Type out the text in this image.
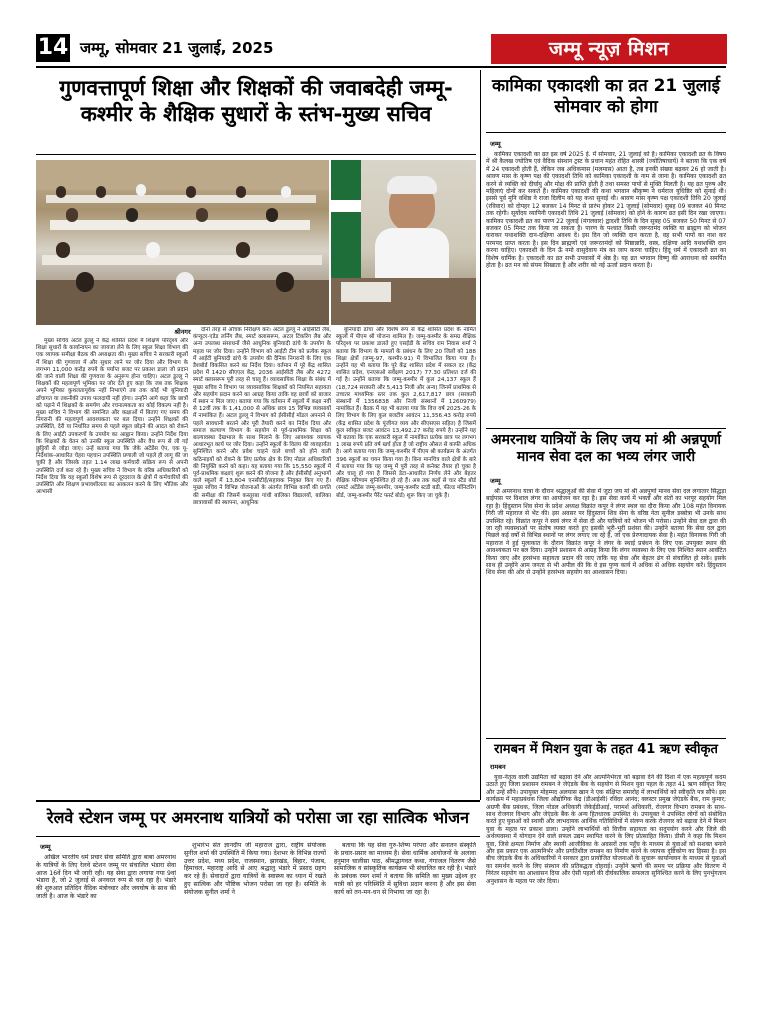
14 जम्मू, सोमवार 21 जुलाई, 2025	जम्मू न्यूज़ मिशन
गुणवत्तापूर्ण शिक्षा और शिक्षकों की जवाबदेही जम्मू-कश्मीर के शैक्षिक सुधारों के स्तंभ-मुख्य सचिव
श्रीनगर

मुख्य सचिव अटल डुल्लू ने केंद्र शासित प्रदेश में शिक्षण परिदृश्य और शिक्षा सुधारों के कार्यान्वयन का जायजा लेने के लिए स्कूल शिक्षा विभाग की एक व्यापक समीक्षा बैठक की अध्यक्षता की। मुख्य सचिव ने सरकारी स्कूलों में शिक्षा की गुणवत्ता में और सुधार लाने पर जोर दिया और विभाग के लगभग 11,000 करोड़ रुपये के पर्याप्त बजट पर प्रकाश डाला जो प्रदान की जाने वाली शिक्षा की गुणवत्ता के अनुरूप होना चाहिए। अटल डुल्लू ने शिक्षकों की महत्वपूर्ण भूमिका पर जोर देते हुए कहा कि जब तक शिक्षक अपने भूमिका कुशलतापूर्वक नहीं निभाएंगे तब तक कोई भी बुनियादी ढाँचागत या तकनीकी उपाय फलदायी नहीं होगा। उन्होंने आगे कहा कि छात्रों को पढ़ाने में शिक्षकों के समर्पण और रचनात्मकता का कोई विकल्प नहीं है। मुख्य सचिव ने विभाग की समन्वित और कक्षाओं में बिताए गए समय की निगरानी की महत्वपूर्ण आवश्यकता पर बल दिया। उन्होंने शिक्षकों की उपस्थिति, देरी या निर्धारित समय से पहले स्कूल छोड़ने की आदत को रोकने के लिए आईटी उपकरणों के उपयोग का आह्वान किया। उन्होंने निर्देश दिया कि शिक्षकों के वेतन को उनकी स्कूल उपस्थिति और वैध रूप से ली गई छुट्टियों से जोड़ा जाए। उन्हें बताया गया कि जेके अटेंडेंस ऐप, एक यू-निर्देशांक-आधारित चेहरा पहचान उपस्थिति प्रणाली जो पहले ही लागू की जा चुकी है और जिसके तहत 1.14 लाख कर्मचारी सक्रिय रूप से अपनी उपस्थिति दर्ज करा रहे हैं। मुख्य सचिव ने विभाग के वरिष्ठ अधिकारियों को निर्देश दिया कि वह स्कूलों विशेष रूप से दूरदराज के क्षेत्रों में कर्मचारियों की उपस्थिति और शिक्षण प्रभावशीलता का आकलन करने के लिए भौतिक और आभासी

दोनों तरह से औचक निरीक्षण करें। अटल डुल्लू ने आईसीटी लैब, कंप्यूटर-एडेड लर्निंग लैब, स्मार्ट क्लासरूम, अटल टिंकरिंग लैब और अन्य उपलब्ध संसाधनों जैसे आधुनिक बुनियादी ढांचे के उपयोग के महत्व पर जोर दिया। उन्होंने विभाग को आईटी टीम को प्रत्येक स्कूल में आईटी बुनियादी ढांचे के उपयोग की दैनिक निगरानी के लिए एक डैशबोर्ड विकसित करने का निर्देश दिया। वर्तमान में पूरे केंद्र शासित प्रदेश में 1420 सीएएल केंद्र, 2036 आईसीटी लैब और 4272 स्मार्ट क्लासरूम पूरी तरह से चालू हैं। व्यावसायिक शिक्षा के संबंध में मुख्य सचिव ने विभाग पर व्यावसायिक शिक्षकों को नियमित सहायता और सहयोग प्रदान करने का आग्रह किया ताकि वह छात्रों को बाजार में स्थान न मिल जाए। बताया गया कि वर्तमान में स्कूलों में कक्षा नवीं से 12वीं तक के 1,41,000 से अधिक छात्र 15 विभिन्न व्यवसायों में नामांकित हैं। अटल डुल्लू ने विभाग को ईसीसीई मॉडल अपनाने से पहले सावधानी बरतने और पूरी तैयारी करने का निर्देश दिया और समाज कल्याण विभाग के सहयोग से पूर्व-प्राथमिक शिक्षा को बाल्यावस्था देखभाल के साथ मिलाने के लिए आवश्यक व्यापक आधारभूत कार्य पर जोर दिया। उन्होंने स्कूलों के विलय की व्यवहार्यता सुनिश्चित करने और प्रवेश चाहने वाले बच्चों को होने वाली कठिनाइयों को रोकने के लिए प्रत्येक क्षेत्र के लिए नोडल अधिकारियों की नियुक्ति करने को कहा। यह बताया गया कि 15,550 स्कूलों में पूर्व-प्राथमिक कक्षाएं शुरू करने की योजना है और ईसीसीई अनुभागों वाले स्कूलों में 13,804 एनसीटीई/सहायक नियुक्त किए गए हैं। मुख्य सचिव ने विभिन्न योजनाओं के अंतर्गत विभिन्न कार्यों की प्रगति की समीक्षा की जिसमें कस्तूरबा गांधी बालिका विद्यालयों, बालिका छात्रावासों की स्थापना, आधुनिक

बुनियादी ढाँचा और विशेष रूप से केंद्र शासित प्रदेश के नामित स्कूलों में पीएम श्री योजना शामिल है। जम्मू-कश्मीर के समग्र शैक्षिक परिदृश्य पर प्रकाश डालते हुए एसईडी के सचिव राम निवास शर्मा ने बताया कि विभाग के मामलों के प्रबंधन के लिए 20 जिलों को 188 शिक्षा क्षेत्रों (जम्मू-97, कश्मीर-91) में विभाजित किया गया है। उन्होंने यह भी बताया कि पूरे केंद्र शासित प्रदेश में सकल दर (केंद्र शासित प्रदेश, एनएसओ सर्वेक्षण 2017) 77.30 प्रतिशत दर्ज की गई है। उन्होंने बताया कि जम्मू-कश्मीर में कुल 24,137 स्कूल हैं (18,724 सरकारी और 5,413 निजी और अन्य) जिनमें प्राथमिक से उच्चतर माध्यमिक स्तर तक कुल 2,617,817 छात्र (सरकारी संस्थानों में 1356838 और निजी संस्थानों में 1260979) नामांकित हैं। बैठक में यह भी बताया गया कि वित्त वर्ष 2025-26 के लिए विभाग के लिए कुल बजटीय आवंटन 11,356.43 करोड़ रुपये (केंद्र शासित प्रदेश के पूंजीगत व्यय और सीएसएस सहित) है जिसमें कुल स्वीकृत बजट आवंटन 13,492.27 करोड़ रुपये है। उन्होंने यह भी बताया कि एक सरकारी स्कूल में नामांकित प्रत्येक छात्र पर लगभग 1 लाख रुपये प्रति वर्ष खर्च होता है जो राष्ट्रीय औसत से काफी अधिक है। आगे बताया गया कि जम्मू-कश्मीर में पीएम श्री कार्यक्रम के अंतर्गत 396 स्कूलों का चयन किया गया है। बिना मानचित्र वाले क्षेत्रों के बारे में बताया गया कि यह जम्मू में पूरी तरह से कनेक्ट तैयार हो चुका है और चालू हो गया है जिससे डेटा-आधारित निर्णय लेने और बेहतर शैक्षिक परिणाम सुनिश्चित हो रहे हैं। अब तक कहाँ से चार स्टैंड बोर्ड (स्मार्ट अटेंडेंस जम्मू-कश्मीर, जम्मू-कश्मीर स्टडी बडी, फील्ड मॉनिटरिंग बोर्ड, जम्मू-कश्मीर पैरेंट फर्स्ट बोर्ड) शुरू किए जा चुके हैं।

कामिका एकादशी का व्रत 21 जुलाई सोमवार को होगा
जम्मू

कामिका एकादशी का व्रत इस वर्ष 2025 ई. में सोमवार, 21 जुलाई को है। कामिका एकादशी व्रत के विषय में श्री कैलख ज्योतिष एवं वैदिक संस्थान ट्रस्ट के प्रधान महंत रोहित शास्त्री (ज्योतिषाचार्य) ने बताया कि एक वर्ष में 24 एकादशी होती हैं, लेकिन जब अधिकमास (मलमास) आता है, तब इनकी संख्या बढ़कर 26 हो जाती है। श्रावण मास के कृष्ण पक्ष की एकादशी तिथि को कामिका एकादशी के नाम से जाना है। कामिका एकादशी व्रत करने से व्यक्ति को दीर्घायु और मोक्ष की प्राप्ति होती है तथा समस्त पापों से मुक्ति मिलती है। यह व्रत पुरुष और महिलाएं दोनों कर सकते हैं। कामिका एकादशी की कथा भगवान श्रीकृष्ण ने धर्मराज युधिष्ठिर को सुनाई थी। इससे पूर्व मुनि वशिष्ठ ने राजा दिलीप को यह कथा सुनाई थी। श्रावण मास कृष्ण पक्ष एकादशी तिथि 20 जुलाई (रविवार) को दोपहर 12 बजकर 14 मिनट से प्रारंभ होकर 21 जुलाई (सोमवार) सुबह 09 बजकर 40 मिनट तक रहेगी। सूर्योदय व्यापिनी एकादशी तिथि 21 जुलाई (सोमवार) को होने के कारण व्रत इसी दिन रखा जाएगा। कामिका एकादशी व्रत का पारण 22 जुलाई (मंगलवार) द्वादशी तिथि के दिन सुबह 05 बजकर 50 मिनट से 07 बजकर 05 मिनट तक किया जा सकता है। पारण के पश्चात किसी जरूरतमंद व्यक्ति या ब्राह्मण को भोजन कराकर यथाशक्ति दान-दक्षिणा अवश्य दें। इस दिन जो व्यक्ति दान करता है, वह सभी पापों का नाश कर परमपद प्राप्त करता है। इस दिन ब्राह्मणों एवं जरूरतमंदों को मिष्ठान्नादि, वस्त्र, दक्षिणा आदि यथाशक्ति दान करना चाहिए। एकादशी के दिन ऊँ नमो वासुदेवाय मंत्र का जाप करना चाहिए। हिंदू धर्म में एकादशी व्रत का विशेष धार्मिक है। एकादशी का व्रत सभी उपवासों में श्रेष्ठ है। यह व्रत भगवान विष्णु की आराधना को समर्पित होता है। व्रत मन को संयम सिखाता है और शरीर को नई ऊर्जा प्रदान करता है।

अमरनाथ यात्रियों के लिए जय मां श्री अन्नपूर्णा मानव सेवा दल का भव्य लंगर जारी
जम्मू

श्री अमरनाथ यात्रा के दौरान श्रद्धालुओं की सेवा में जुटा जय मां श्री अन्नपूर्णा मानव सेवा दल लगातार सिद्धड़ा बाईपास पर विशाल लंगर का आयोजन कर रहा है। इस सेवा कार्य में भक्तों और संतों का भरपूर सहयोग मिल रहा है। हिंदुस्तान शिव सेना के प्रदेश अध्यक्ष विक्रांत कपूर ने लंगर स्थल का दौरा किया और 108 महंत विनायक गिरी जी महाराज से भेंट की। इस अवसर पर हिंदुस्तान शिव सेना के वरिष्ठ नेता सुनील डब्बोत्रा भी उनके साथ उपस्थित रहे। विक्रांत कपूर ने स्वयं लंगर में सेवा दी और यात्रियों को भोजन भी परोसा। उन्होंने सेवा दल द्वारा की जा रही व्यवस्थाओं पर संतोष व्यक्त करते हुए इसकी भूरी-भूरी प्रशंसा की। उन्होंने बताया कि सेवा दल द्वारा पिछले कई वर्षों से विभिन्न स्थानों पर लंगर लगाए जा रहे हैं, जो एक प्रेरणादायक सेवा है। महंत विनायक गिरी जी महाराज ने हुई मुलाकात के दौरान विक्रांत कपूर ने लंगर के स्थाई प्रबंधन के लिए एक उपयुक्त स्थान की आवश्यकता पर बल दिया। उन्होंने प्रशासन से आग्रह किया कि लंगर व्यवस्था के लिए एक निश्चित स्थान आवंटित किया जाए और हरसंभव सहायता प्रदान की जाए ताकि यह सेवा और बेहतर ढंग से संचालित हो सके। इसके साथ ही उन्होंने आम जनता से भी अपील की कि वे इस पुण्य कार्य में अधिक से अधिक सहयोग करें। हिंदुस्तान शिव सेना की ओर से उन्होंने हरसंभव सहयोग का आश्वासन दिया।

रामबन में मिशन युवा के तहत 41 ऋण स्वीकृत
रामबन

युवा-नेतृत्व वाली उद्यमिता को बढ़ावा देने और आत्मनिर्भरता को बढ़ावा देने की दिशा में एक महत्वपूर्ण कदम उठाते हुए जिला प्रशासन रामबन ने जेएंडके बैंक के सहयोग से मिशन युवा पहल के तहत 41 ऋण स्वीकृत किए और उन्हें सौंपे। उपायुक्त मोहम्मद अलयास खान ने एक संक्षिप्त समारोह में लाभार्थियों को स्वीकृति पत्र सौंपे। इस कार्यक्रम में महाप्रबंधक जिला औद्योगिक केंद्र (डीआईसी) रविंदर आनंद; क्लस्टर प्रमुख जेएंडके बैंक, राम कुमार; अग्रणी बैंक प्रबंधक, जिला नोडल अधिकारी जेकेईडीआई, परामर्श अधिकारी, रोजगार विभाग रामबन के साथ-साथ रोजगार विभाग और जेएंडके बैंक के अन्य हितधारक उपस्थित थे। उपायुक्त ने उपस्थित लोगों को संबोधित करते हुए युवाओं को स्थायी और लाभदायक आर्थिक गतिविधियों में संलग्न करके रोजगार को बढ़ावा देने में मिशन युवा के महत्व पर प्रकाश डाला। उन्होंने लाभार्थियों को वित्तीय सहायता का सदुपयोग करने और जिले की अर्थव्यवस्था में योगदान देने वाले सफल उद्यम स्थापित करने के लिए प्रोत्साहित किया। डीसी ने कहा कि मिशन युवा, जिसे क्षमता निर्माण और स्थायी आजीविका के अवसरों तक पहुँच के माध्यम से युवाओं को सशक्त बनाने और इस प्रकार एक आत्मनिर्भर और प्रगतिशील रामबन का निर्माण करने के व्यापक दृष्टिकोण का हिस्सा है। इस बीच जेएंडके बैंक के अधिकारियों ने सरकार द्वारा प्रायोजित योजनाओं के सुचारू कार्यान्वयन के माध्यम से युवाओं का समर्थन करने के लिए संस्थान की प्रतिबद्धता दोहराई। उन्होंने ऋणों की समय पर प्रक्रिया और वितरण में निरंतर सहयोग का आश्वासन दिया और ऐसी पहलों की दीर्घकालिक सफलता सुनिश्चित करने के लिए पुनर्भुगतान अनुशासन के महत्व पर जोर दिया।

रेलवे स्टेशन जम्मू पर अमरनाथ यात्रियों को परोसा जा रहा सात्विक भोजन
जम्मू

अखिल भारतीय धर्म प्रचार सेवा समिति द्वारा बाबा अमरनाथ के यात्रियों के लिए रेलवे स्टेशन जम्मू पर संचालित भंडारा सेवा आज 16वें दिन भी जारी रही। यह सेवा द्वारा लगाया गया 9वां भंडारा है, जो 2 जुलाई से अनवरत रूप से चल रहा है। भंडारे की शुरुआत प्रतिदिन वैदिक मंत्रोच्चार और जयघोष के साथ की जाती है। आज के भंडारे का

शुभारंभ संत ज्ञानदीप जी महाराज द्वारा, राष्ट्रीय संयोजक सुनील शर्मा की उपस्थिति में किया गया। देशभर के विभिन्न राज्यों उत्तर प्रदेश, मध्य प्रदेश, राजस्थान, झारखंड, बिहार, पंजाब, हिमाचल, महाराष्ट्र आदि से आए श्रद्धालु भंडारे में प्रसाद ग्रहण कर रहे हैं। सेवादारों द्वारा यात्रियों के स्वास्थ्य का ध्यान में रखते हुए सात्विक और पौष्टिक भोजन परोसा जा रहा है। समिति के संयोजक सुनील शर्मा ने

बताया कि यह सेवा गुरु-शिष्य परंपरा और सनातन संस्कृति के प्रचार-प्रसार का माध्यम है। सेवा धार्मिक आयोजनों के अलावा हनुमान चालीसा पाठ, श्रीमद्भागवत कथा, गंगाजल वितरण जैसे सामाजिक व सांस्कृतिक कार्यक्रम भी संचालित कर रही है। भंडारे के प्रबंधक रमन शर्मा ने बताया कि समिति का मुख्य उद्देश्य हर यात्री को हर परिस्थिति में सुविधा प्रदान करना है और इस सेवा कार्य को तन-मन-धन से निभाया जा रहा है।
